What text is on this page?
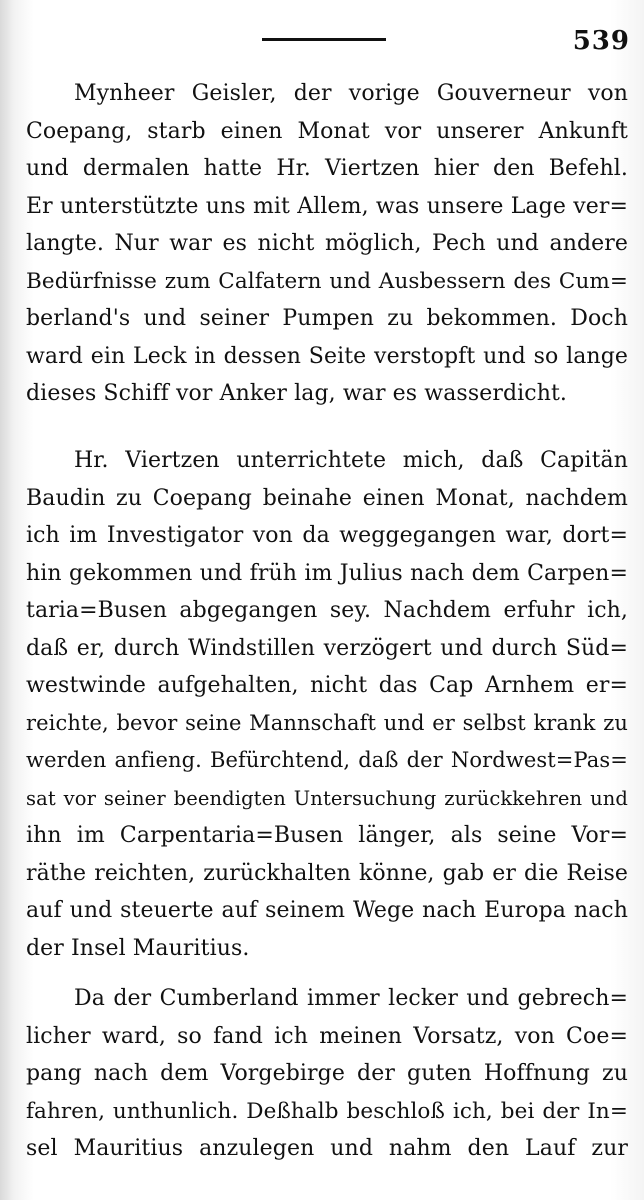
539
Mynheer Geisler, der vorige Gouverneur von
Coepang, starb einen Monat vor unserer Ankunft
und dermalen hatte Hr. Viertzen hier den Befehl.
Er unterstützte uns mit Allem, was unsere Lage ver=
langte. Nur war es nicht möglich, Pech und andere
Bedürfnisse zum Calfatern und Ausbessern des Cum=
berland's und seiner Pumpen zu bekommen. Doch
ward ein Leck in dessen Seite verstopft und so lange
dieses Schiff vor Anker lag, war es wasserdicht.
Hr. Viertzen unterrichtete mich, daß Capitän
Baudin zu Coepang beinahe einen Monat, nachdem
ich im Investigator von da weggegangen war, dort=
hin gekommen und früh im Julius nach dem Carpen=
taria=Busen abgegangen sey. Nachdem erfuhr ich,
daß er, durch Windstillen verzögert und durch Süd=
westwinde aufgehalten, nicht das Cap Arnhem er=
reichte, bevor seine Mannschaft und er selbst krank zu
werden anfieng. Befürchtend, daß der Nordwest=Pas=
sat vor seiner beendigten Untersuchung zurückkehren und
ihn im Carpentaria=Busen länger, als seine Vor=
räthe reichten, zurückhalten könne, gab er die Reise
auf und steuerte auf seinem Wege nach Europa nach
der Insel Mauritius.
Da der Cumberland immer lecker und gebrech=
licher ward, so fand ich meinen Vorsatz, von Coe=
pang nach dem Vorgebirge der guten Hoffnung zu
fahren, unthunlich. Deßhalb beschloß ich, bei der In=
sel Mauritius anzulegen und nahm den Lauf zur
